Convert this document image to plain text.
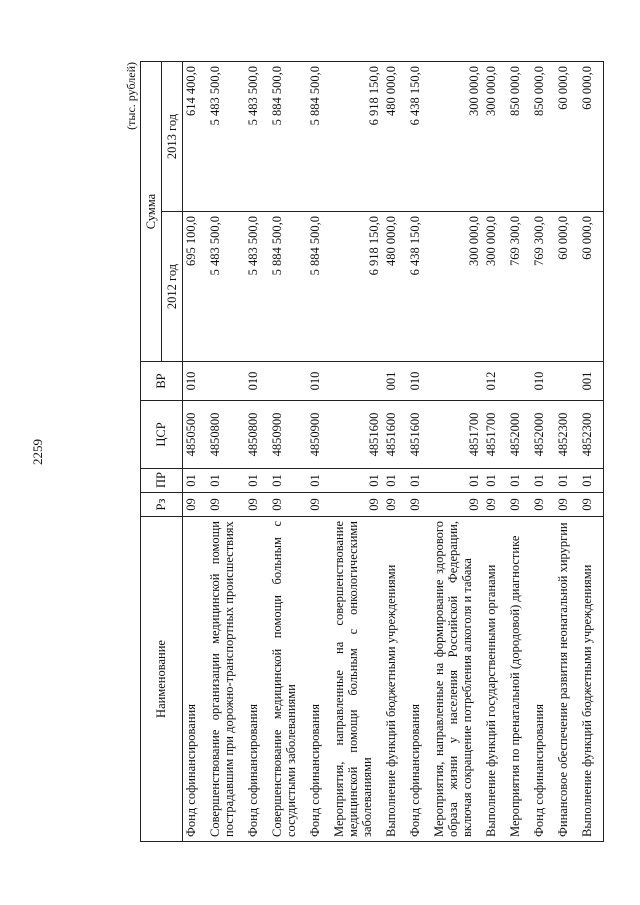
2259
(тыс. рублей)
Наименование	Рз	ПР	ЦСР	ВР	Сумма	
					2012 год	2013 год
Фонд софинансирования	09	01	4850500	010	695 100,0	614 400,0
Совершенствование организации медицинской помощи пострадавшим при дорожно-транспортных происшествиях	09	01	4850800		5 483 500,0	5 483 500,0
Фонд софинансирования	09	01	4850800	010	5 483 500,0	5 483 500,0
Совершенствование медицинской помощи больным с сосудистыми заболеваниями	09	01	4850900		5 884 500,0	5 884 500,0
Фонд софинансирования	09	01	4850900	010	5 884 500,0	5 884 500,0
Мероприятия, направленные на совершенствование медицинской помощи больным с онкологическими заболеваниями	09	01	4851600		6 918 150,0	6 918 150,0
Выполнение функций бюджетными учреждениями	09	01	4851600	001	480 000,0	480 000,0
Фонд софинансирования	09	01	4851600	010	6 438 150,0	6 438 150,0
Мероприятия, направленные на формирование здорового образа жизни у населения Российской Федерации, включая сокращение потребления алкоголя и табака	09	01	4851700		300 000,0	300 000,0
Выполнение функций государственными органами	09	01	4851700	012	300 000,0	300 000,0
Мероприятия по пренатальной (дородовой) диагностике	09	01	4852000		769 300,0	850 000,0
Фонд софинансирования	09	01	4852000	010	769 300,0	850 000,0
Финансовое обеспечение развития неонатальной хирургии	09	01	4852300		60 000,0	60 000,0
Выполнение функций бюджетными учреждениями	09	01	4852300	001	60 000,0	60 000,0
